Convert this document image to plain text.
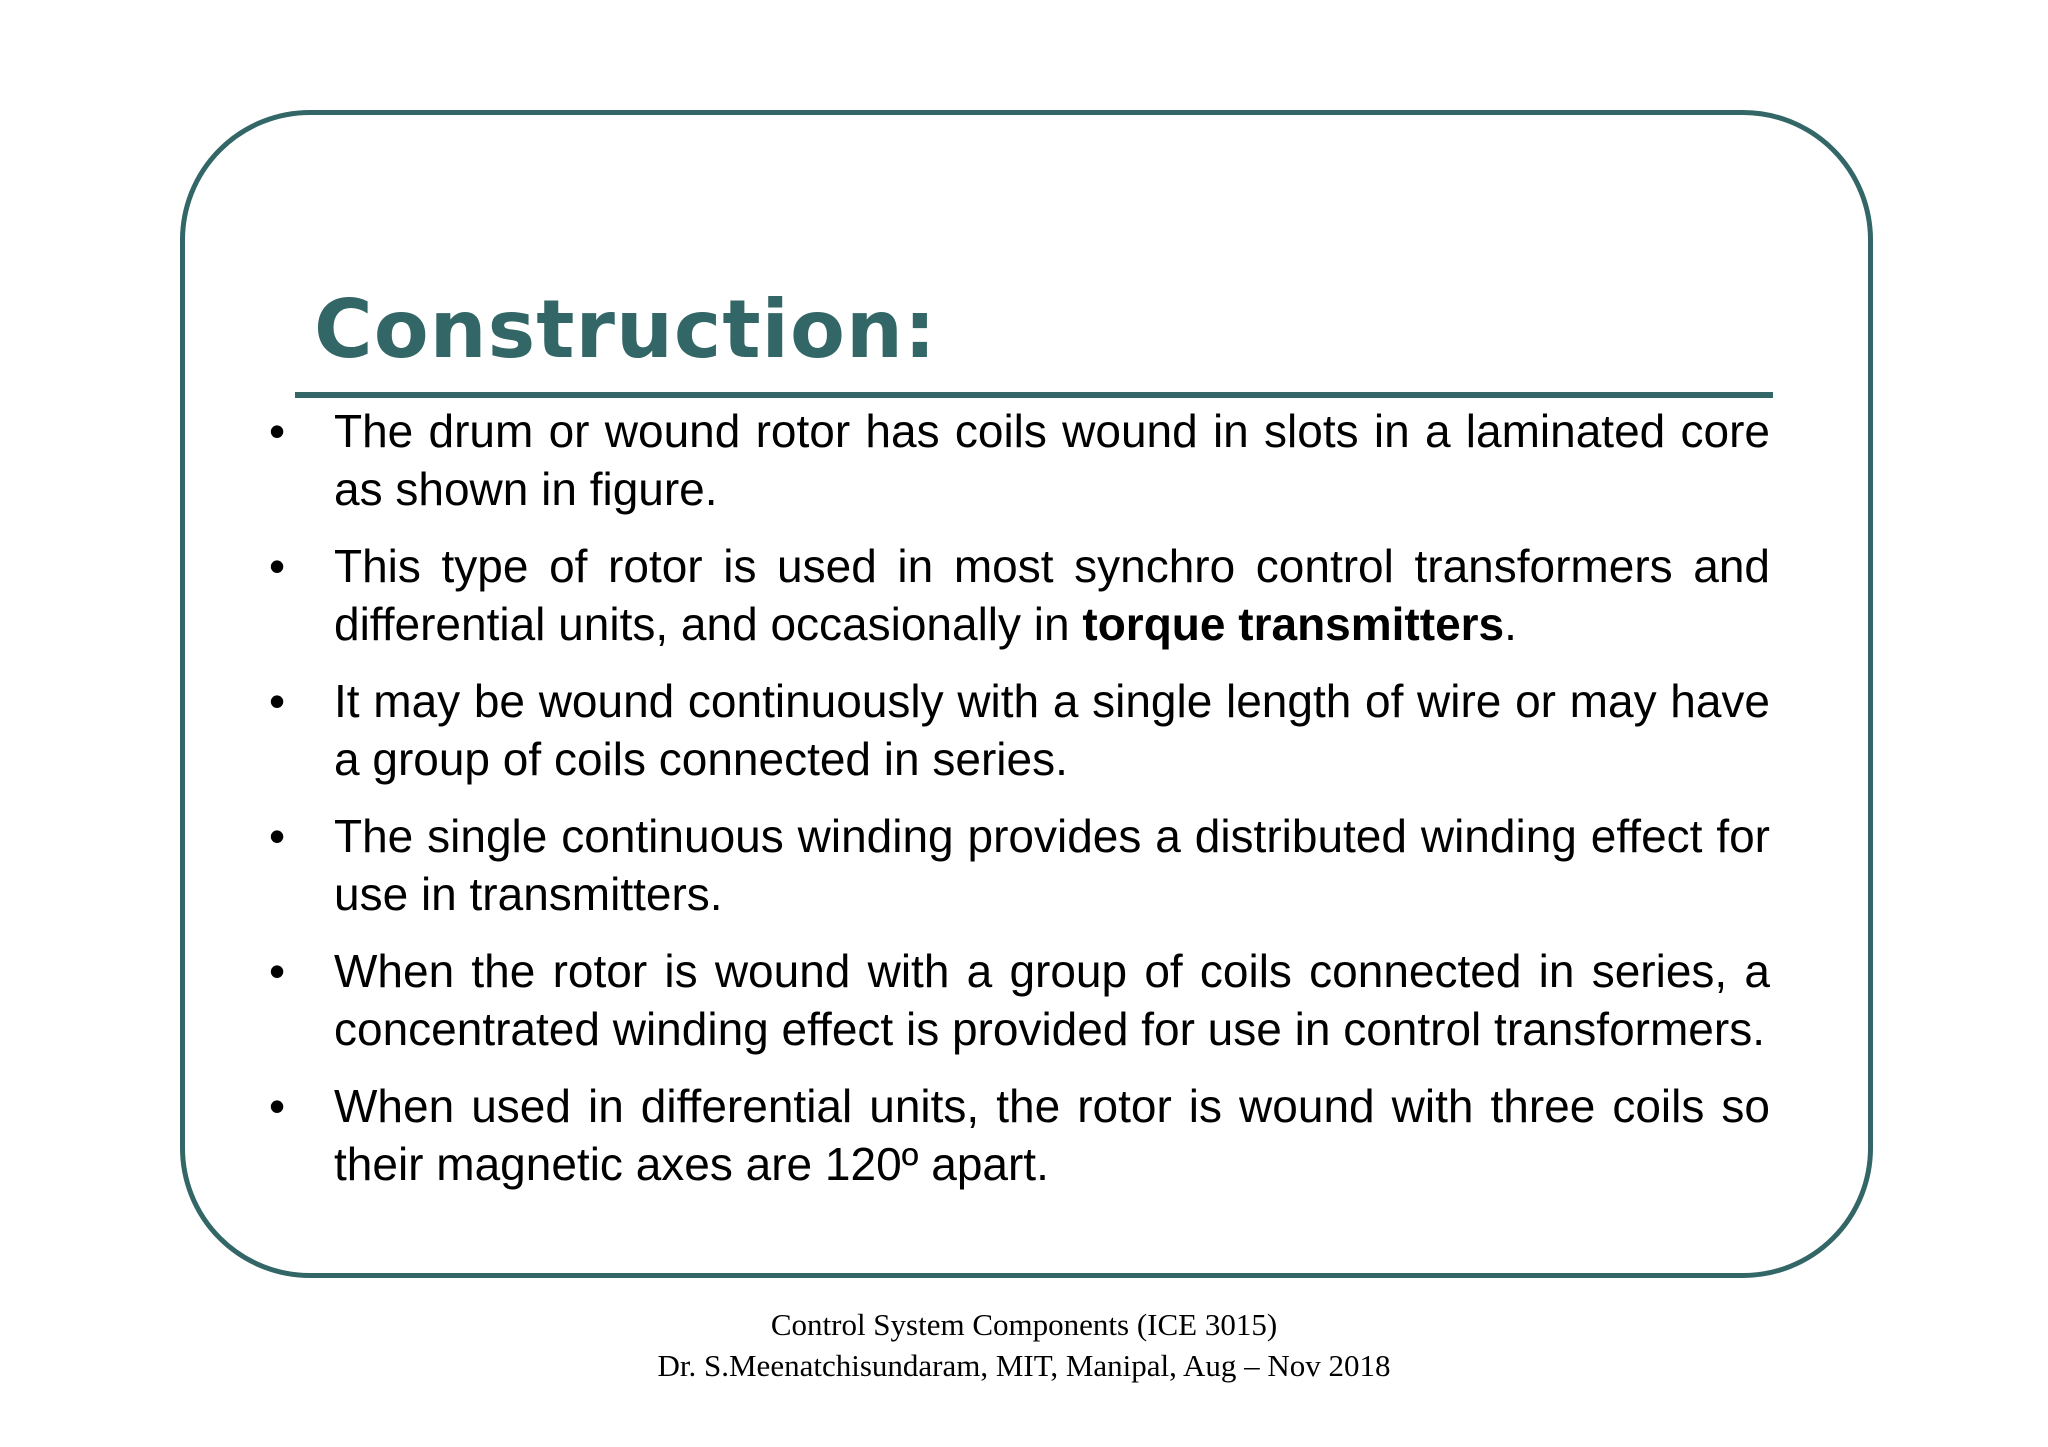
Construction:
• The drum or wound rotor has coils wound in slots in a laminated core as shown in figure.
• This type of rotor is used in most synchro control transformers and differential units, and occasionally in torque transmitters.
• It may be wound continuously with a single length of wire or may have a group of coils connected in series.
• The single continuous winding provides a distributed winding effect for use in transmitters.
• When the rotor is wound with a group of coils connected in series, a concentrated winding effect is provided for use in control transformers.
• When used in differential units, the rotor is wound with three coils so their magnetic axes are 120º apart.
Control System Components (ICE 3015)
Dr. S.Meenatchisundaram, MIT, Manipal, Aug – Nov 2018
